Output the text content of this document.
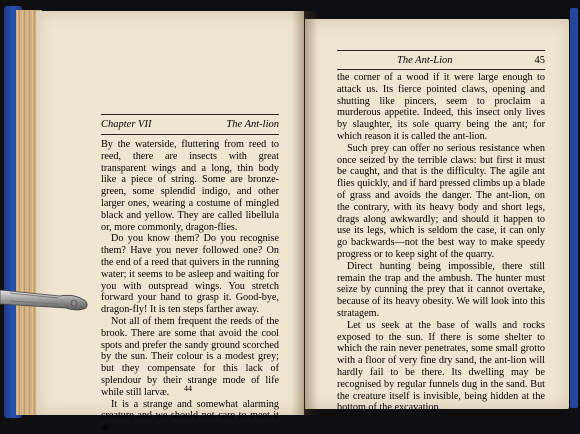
Chapter VII	The Ant-lion

By the waterside, fluttering from reed to reed, there are insects with great transparent wings and a long, thin body like a piece of string. Some are bronze-green, some splendid indigo, and other larger ones, wearing a costume of mingled black and yellow. They are called libellula or, more commonly, dragon-flies.

Do you know them? Do you recognise them? Have you never followed one? On the end of a reed that quivers in the running water; it seems to be asleep and waiting for you with outspread wings. You stretch forward your hand to grasp it. Good-bye, dragon-fly! It is ten steps farther away.

Not all of them frequent the reeds of the brook. There are some that avoid the cool spots and prefer the sandy ground scorched by the sun. Their colour is a modest grey; but they compensate for this lack of splendour by their strange mode of life while still larvæ.

It is a strange and somewhat alarming creature and we should not care to meet it at

44
The Ant-Lion	45

the corner of a wood if it were large enough to attack us. Its fierce pointed claws, opening and shutting like pincers, seem to proclaim a murderous appetite. Indeed, this insect only lives by slaughter, its sole quarry being the ant; for which reason it is called the ant-lion.

Such prey can offer no serious resistance when once seized by the terrible claws: but first it must be caught, and that is the difficulty. The agile ant flies quickly, and if hard pressed climbs up a blade of grass and avoids the danger. The ant-lion, on the contrary, with its heavy body and short legs, drags along awkwardly; and should it happen to use its legs, which is seldom the case, it can only go backwards—not the best way to make speedy progress or to keep sight of the quarry.

Direct hunting being impossible, there still remain the trap and the ambush. The hunter must seize by cunning the prey that it cannot overtake, because of its heavy obesity. We will look into this stratagem.

Let us seek at the base of walls and rocks exposed to the sun. If there is some shelter to which the rain never penetrates, some small grotto with a floor of very fine dry sand, the ant-lion will hardly fail to be there. Its dwelling may be recognised by regular funnels dug in the sand. But the creature itself is invisible, being hidden at the bottom of the excavation.
